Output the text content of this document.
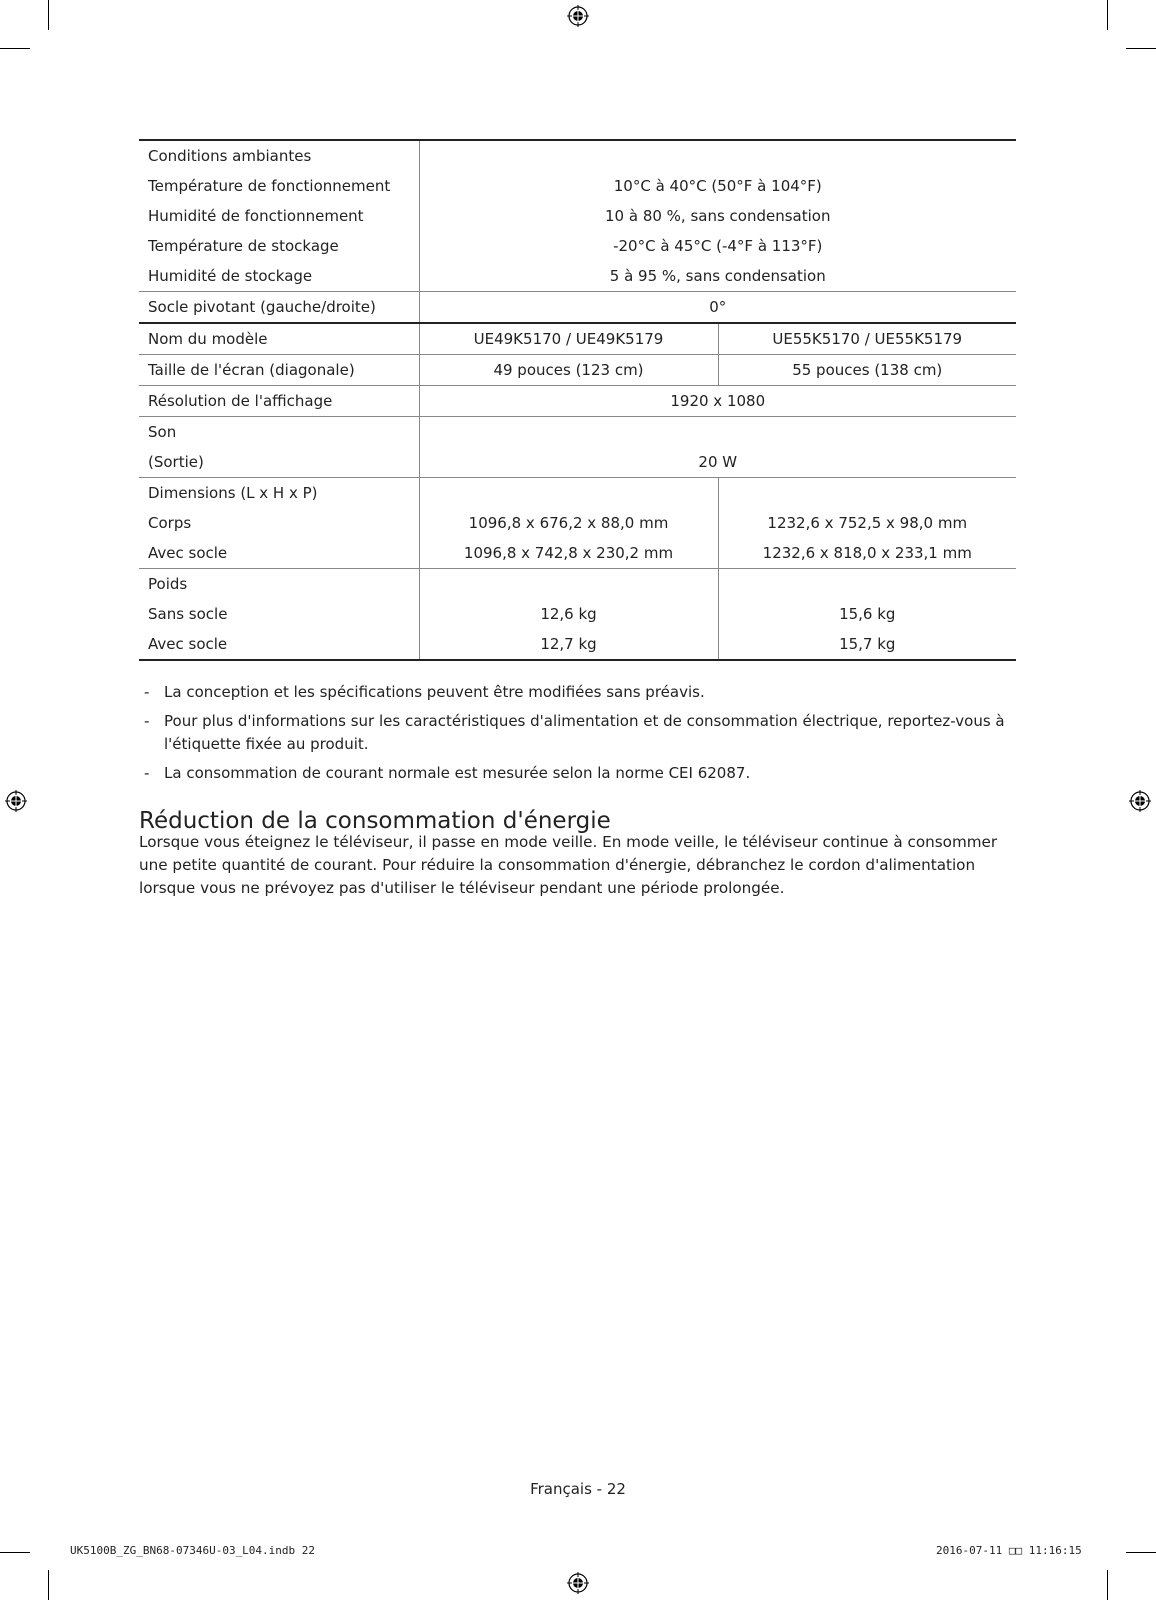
Conditions ambiantes		
Température de fonctionnement	10°C à 40°C (50°F à 104°F)	
Humidité de fonctionnement	10 à 80 %, sans condensation	
Température de stockage	-20°C à 45°C (-4°F à 113°F)	
Humidité de stockage	5 à 95 %, sans condensation	
Socle pivotant (gauche/droite)	0°	
Nom du modèle	UE49K5170 / UE49K5179	UE55K5170 / UE55K5179
Taille de l'écran (diagonale)	49 pouces (123 cm)	55 pouces (138 cm)
Résolution de l'affichage	1920 x 1080	
Son		
(Sortie)	20 W	
Dimensions (L x H x P)		
Corps	1096,8 x 676,2 x 88,0 mm	1232,6 x 752,5 x 98,0 mm
Avec socle	1096,8 x 742,8 x 230,2 mm	1232,6 x 818,0 x 233,1 mm
Poids		
Sans socle	12,6 kg	15,6 kg
Avec socle	12,7 kg	15,7 kg
- La conception et les spécifications peuvent être modifiées sans préavis.
- Pour plus d'informations sur les caractéristiques d'alimentation et de consommation électrique, reportez-vous à l'étiquette fixée au produit.
- La consommation de courant normale est mesurée selon la norme CEI 62087.
Réduction de la consommation d'énergie

Lorsque vous éteignez le téléviseur, il passe en mode veille. En mode veille, le téléviseur continue à consommer une petite quantité de courant. Pour réduire la consommation d'énergie, débranchez le cordon d'alimentation lorsque vous ne prévoyez pas d'utiliser le téléviseur pendant une période prolongée.

Français - 22
UK5100B_ZG_BN68-07346U-03_L04.indb 22	2016-07-11 □□ 11:16:15
